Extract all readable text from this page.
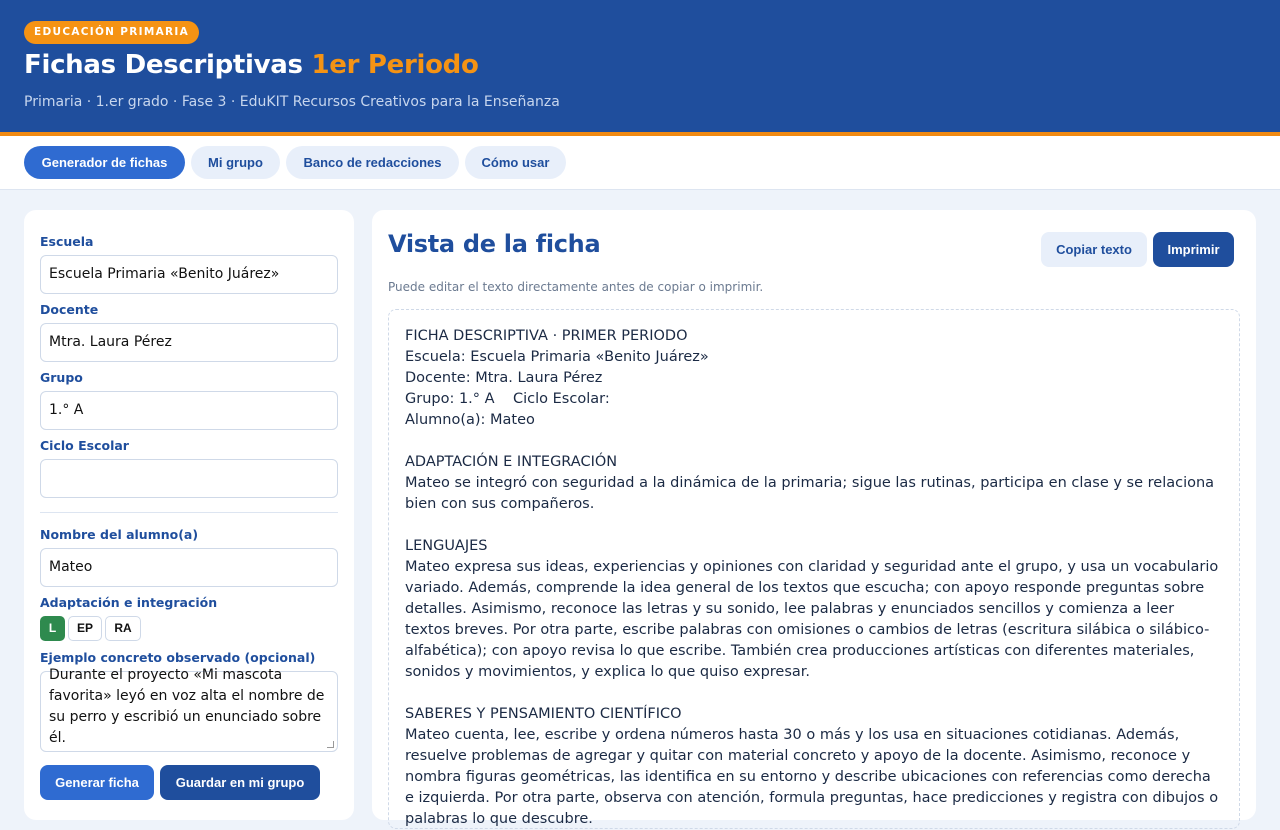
EDUCACIÓN PRIMARIA
Fichas Descriptivas 1er Periodo
Primaria · 1.er grado · Fase 3 · EduKIT Recursos Creativos para la Enseñanza
Generador de fichas	Mi grupo	Banco de redacciones	Cómo usar
Escuela
Escuela Primaria «Benito Juárez»
Docente
Mtra. Laura Pérez
Grupo
1.° A
Ciclo Escolar
Nombre del alumno(a)
Mateo
Adaptación e integración
L	EP	RA
Ejemplo concreto observado (opcional)
Durante el proyecto «Mi mascota favorita» leyó en voz alta el nombre de su perro y escribió un enunciado sobre él.
Generar ficha	Guardar en mi grupo
Vista de la ficha	Copiar texto	Imprimir
Puede editar el texto directamente antes de copiar o imprimir.

FICHA DESCRIPTIVA · PRIMER PERIODO

Escuela: Escuela Primaria «Benito Juárez»

Docente: Mtra. Laura Pérez

Grupo: 1.° A    Ciclo Escolar:

Alumno(a): Mateo

ADAPTACIÓN E INTEGRACIÓN

Mateo se integró con seguridad a la dinámica de la primaria; sigue las rutinas, participa en clase y se relaciona bien con sus compañeros.

LENGUAJES

Mateo expresa sus ideas, experiencias y opiniones con claridad y seguridad ante el grupo, y usa un vocabulario variado. Además, comprende la idea general de los textos que escucha; con apoyo responde preguntas sobre detalles. Asimismo, reconoce las letras y su sonido, lee palabras y enunciados sencillos y comienza a leer textos breves. Por otra parte, escribe palabras con omisiones o cambios de letras (escritura silábica o silábico-alfabética); con apoyo revisa lo que escribe. También crea producciones artísticas con diferentes materiales, sonidos y movimientos, y explica lo que quiso expresar.

SABERES Y PENSAMIENTO CIENTÍFICO

Mateo cuenta, lee, escribe y ordena números hasta 30 o más y los usa en situaciones cotidianas. Además, resuelve problemas de agregar y quitar con material concreto y apoyo de la docente. Asimismo, reconoce y nombra figuras geométricas, las identifica en su entorno y describe ubicaciones con referencias como derecha e izquierda. Por otra parte, observa con atención, formula preguntas, hace predicciones y registra con dibujos o palabras lo que descubre.
